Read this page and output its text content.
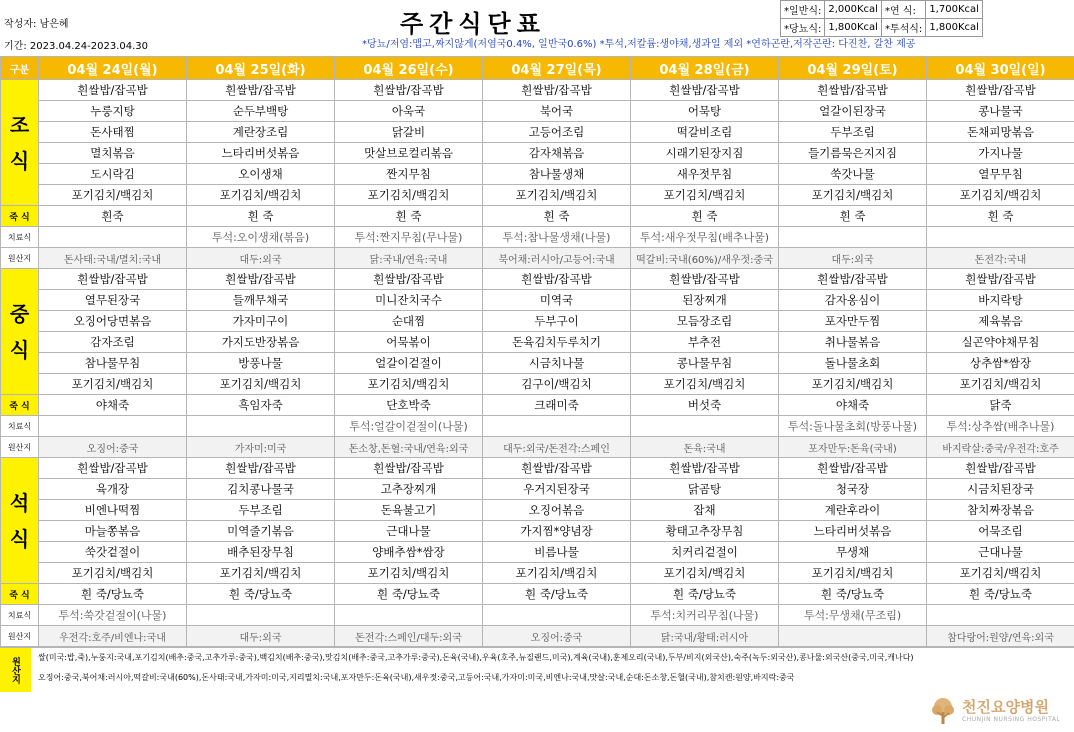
작성자: 남은혜
기간: 2023.04.24-2023.04.30
주간식단표
*당뇨/저염:맵고,짜지않게(저염국0.4%, 일반국0.6%) *투석,저칼륨:생야채,생과일 제외 *연하곤란,저작곤란: 다진찬, 갈찬 제공
*일반식:	2,000Kcal	*연 식:	1,700Kcal
*당뇨식:	1,800Kcal	*투석식:	1,800Kcal
구분	04월 24일(월)	04월 25일(화)	04월 26일(수)	04월 27일(목)	04월 28일(금)	04월 29일(토)	04월 30일(일)
조식	흰쌀밥/잡곡밥	흰쌀밥/잡곡밥	흰쌀밥/잡곡밥	흰쌀밥/잡곡밥	흰쌀밥/잡곡밥	흰쌀밥/잡곡밥	흰쌀밥/잡곡밥
	누룽지탕	순두부백탕	아욱국	북어국	어묵탕	얼갈이된장국	콩나물국
	돈사태찜	계란장조림	닭갈비	고등어조림	떡갈비조림	두부조림	돈채피망볶음
	멸치볶음	느타리버섯볶음	맛살브로컬리볶음	감자채볶음	시래기된장지짐	들기름묵은지지짐	가지나물
	도시락김	오이생채	짠지무침	참나물생채	새우젓무침	쑥갓나물	열무무침
	포기김치/백김치	포기김치/백김치	포기김치/백김치	포기김치/백김치	포기김치/백김치	포기김치/백김치	포기김치/백김치
죽 식	흰죽	흰 죽	흰 죽	흰 죽	흰 죽	흰 죽	흰 죽
치료식		투석:오이생채(볶음)	투석:짠지무침(무나물)	투석:참나물생채(나물)	투석:새우젓무침(배추나물)		
원산지	돈사태:국내/멸치:국내	대두:외국	닭:국내/연육:국내	북어채:러시아/고등어:국내	떡갈비:국내(60%)/새우젓:중국	대두:외국	돈전각:국내
중식	흰쌀밥/잡곡밥	흰쌀밥/잡곡밥	흰쌀밥/잡곡밥	흰쌀밥/잡곡밥	흰쌀밥/잡곡밥	흰쌀밥/잡곡밥	흰쌀밥/잡곡밥
	열무된장국	들깨무채국	미니잔치국수	미역국	된장찌개	감자옹심이	바지락탕
	오징어당면볶음	가자미구이	순대찜	두부구이	모듬장조림	포자만두찜	제육볶음
	감자조림	가지도반장볶음	어묵볶이	돈육김치두루치기	부추전	취나물볶음	실곤약야채무침
	참나물무침	방풍나물	얼갈이겉절이	시금치나물	콩나물무침	돌나물초회	상추쌈*쌈장
	포기김치/백김치	포기김치/백김치	포기김치/백김치	김구이/백김치	포기김치/백김치	포기김치/백김치	포기김치/백김치
죽 식	야채죽	흑임자죽	단호박죽	크래미죽	버섯죽	야채죽	닭죽
치료식			투석:얼갈이겉절이(나물)			투석:돌나물초회(방풍나물)	투석:상추쌈(배추나물)
원산지	오징어:중국	가자미:미국	돈소창,돈혈:국내/연육:외국	대두:외국/돈전각:스페인	돈육:국내	포자만두:돈육(국내)	바지락살:중국/우전각:호주
석식	흰쌀밥/잡곡밥	흰쌀밥/잡곡밥	흰쌀밥/잡곡밥	흰쌀밥/잡곡밥	흰쌀밥/잡곡밥	흰쌀밥/잡곡밥	흰쌀밥/잡곡밥
	육개장	김치콩나물국	고추장찌개	우거지된장국	닭곰탕	청국장	시금치된장국
	비엔나떡찜	두부조림	돈육불고기	오징어볶음	잡채	계란후라이	참치짜장볶음
	마늘쫑볶음	미역줄기볶음	근대나물	가지찜*양념장	황태고추장무침	느타리버섯볶음	어묵조림
	쑥갓겉절이	배추된장무침	양배추쌈*쌈장	비름나물	치커리겉절이	무생채	근대나물
	포기김치/백김치	포기김치/백김치	포기김치/백김치	포기김치/백김치	포기김치/백김치	포기김치/백김치	포기김치/백김치
죽 식	흰 죽/당뇨죽	흰 죽/당뇨죽	흰 죽/당뇨죽	흰 죽/당뇨죽	흰 죽/당뇨죽	흰 죽/당뇨죽	흰 죽/당뇨죽
치료식	투석:쑥갓겉절이(나물)				투석:치커리무침(나물)	투석:무생채(무조림)	
원산지	우전각:호주/비엔나:국내	대두:외국	돈전각:스페인/대두:외국	오징어:중국	닭:국내/황태:러시아		참다랑어:원양/연육:외국
원산지	쌀(미국:밥,죽),누룽지:국내,포기김치(배추:중국,고추가루:중국),백김치(배추:중국),맛김치(배추:중국,고추가루:중국),돈육(국내),우육(호주,뉴질랜드,미국),계육(국내),훈제오리(국내),두부/비지(외국산),숙주(녹두:외국산),콩나물:외국산(중국,미국,캐나다)
오징어:중국,북어채:러시아,떡갈비:국내(60%),돈사태:국내,가자미:미국,지리멸치:국내,포자만두:돈육(국내),새우젓:중국,고등어:국내,가자미:미국,비엔나:국내,맛살:국내,순대:돈소창,돈혈(국내),참치캔:원양,바지락:중국
천진요양병원
CHUNJIN NURSING HOSPITAL
